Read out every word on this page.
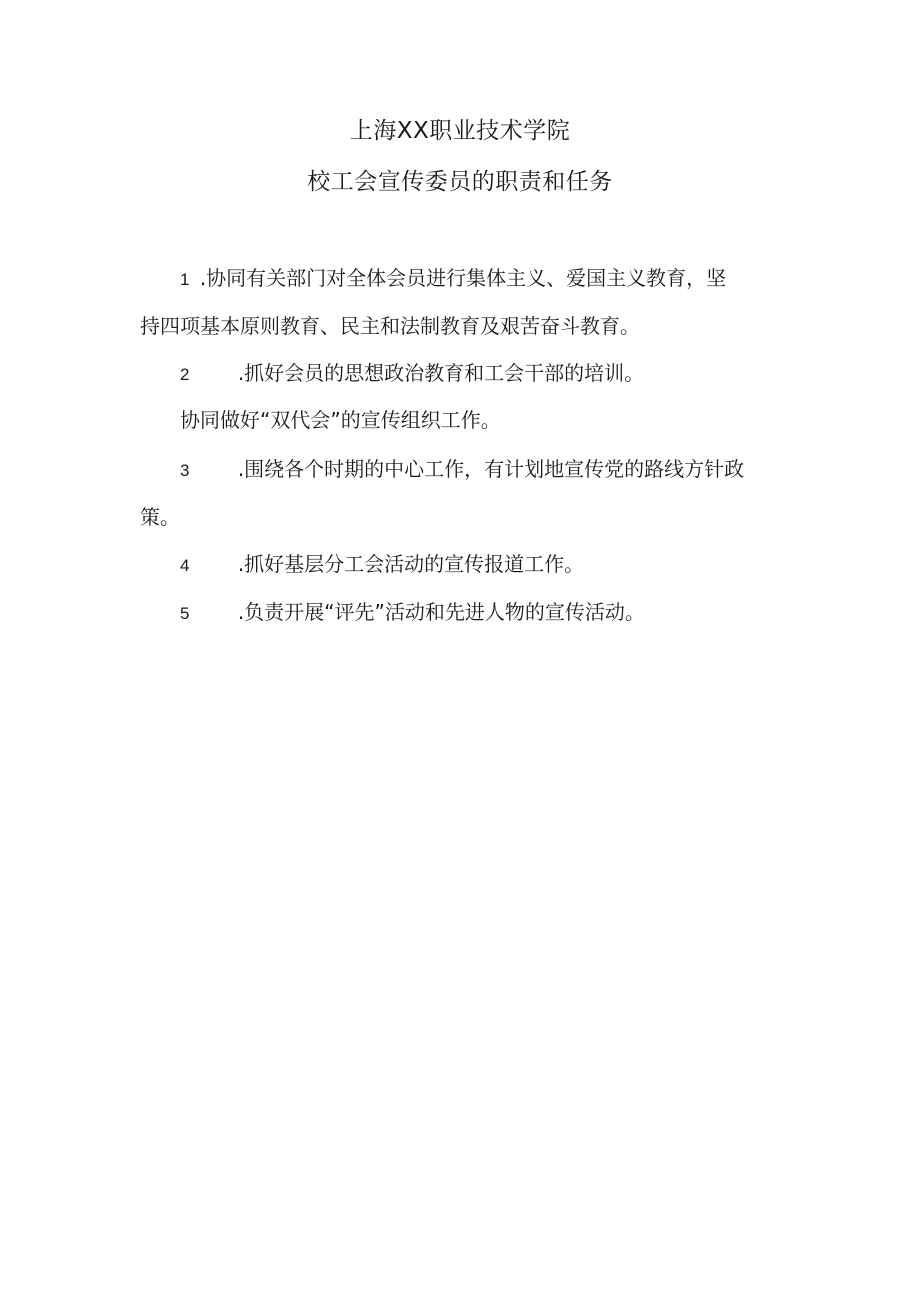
上海XX职业技术学院
校工会宣传委员的职责和任务
1 .协同有关部门对全体会员进行集体主义、爱国主义教育，坚
持四项基本原则教育、民主和法制教育及艰苦奋斗教育。
2 .抓好会员的思想政治教育和工会干部的培训。
协同做好“双代会”的宣传组织工作。
3 .围绕各个时期的中心工作，有计划地宣传党的路线方针政
策。
4 .抓好基层分工会活动的宣传报道工作。
5 .负责开展“评先”活动和先进人物的宣传活动。
